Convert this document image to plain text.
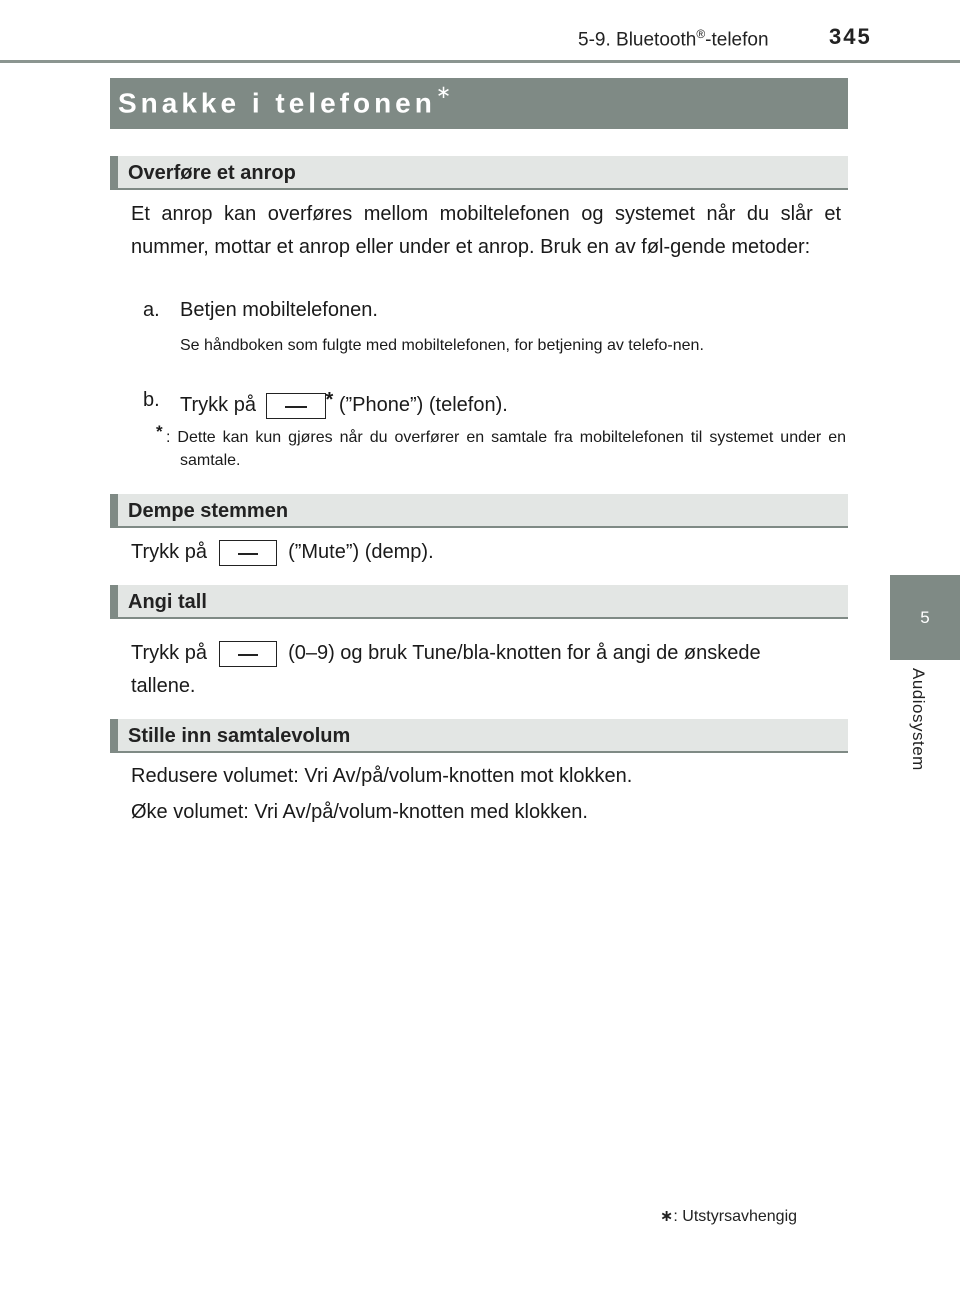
5-9. Bluetooth®-telefon	345
5
Audiosystem
Snakke i telefonen∗
Overføre et anrop
Et anrop kan overføres mellom mobiltelefonen og systemet når du slår et nummer, mottar et anrop eller under et anrop. Bruk en av føl-gende metoder:
a. Betjen mobiltelefonen.
Se håndboken som fulgte med mobiltelefonen, for betjening av telefo-nen.
b. Trykk på	* (”Phone”) (telefon).
* : Dette kan kun gjøres når du overfører en samtale fra mobiltelefonen til systemet under en samtale.
Dempe stemmen
Trykk på	(”Mute”) (demp).
Angi tall
Trykk på	(0–9) og bruk Tune/bla-knotten for å angi de ønskede
tallene.
Stille inn samtalevolum
Redusere volumet: Vri Av/på/volum-knotten mot klokken.
Øke volumet: Vri Av/på/volum-knotten med klokken.
∗: Utstyrsavhengig
